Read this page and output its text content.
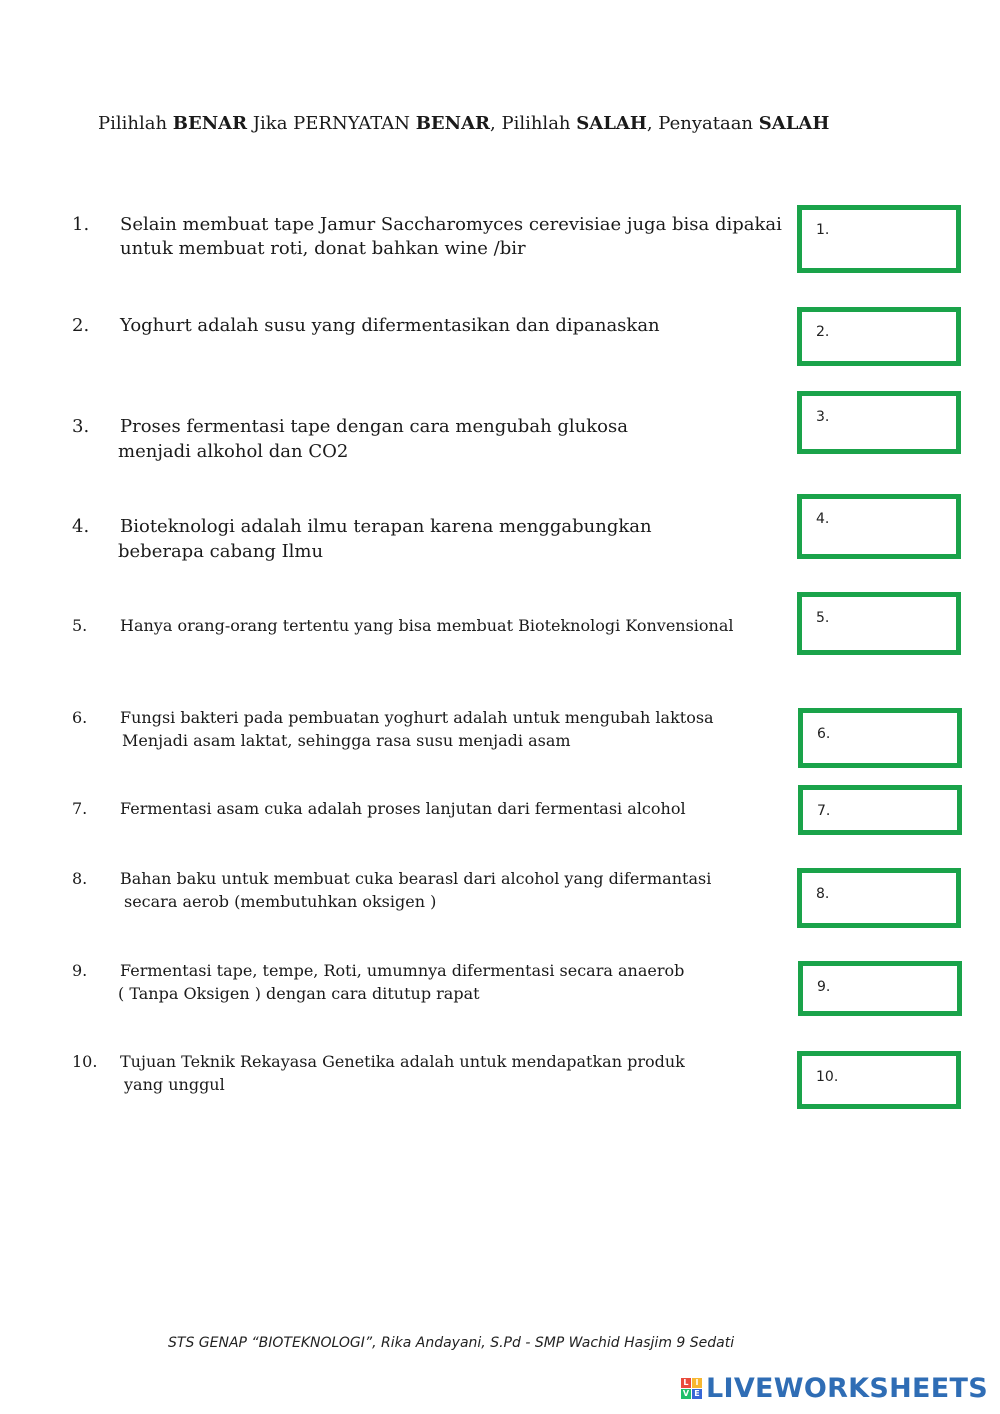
Pilihlah BENAR Jika PERNYATAN BENAR, Pilihlah SALAH, Penyataan SALAH
1.	Selain membuat tape Jamur Saccharomyces cerevisiae juga bisa dipakai
untuk membuat roti, donat bahkan wine /bir
2.	Yoghurt adalah susu yang difermentasikan dan dipanaskan
3.	Proses fermentasi tape dengan cara mengubah glukosa
menjadi alkohol dan CO2
4.	Bioteknologi adalah ilmu terapan karena menggabungkan
beberapa cabang Ilmu
5.	Hanya orang-orang tertentu yang bisa membuat Bioteknologi Konvensional
6.	Fungsi bakteri pada pembuatan yoghurt adalah untuk mengubah laktosa
Menjadi asam laktat, sehingga rasa susu menjadi asam
7.	Fermentasi asam cuka adalah proses lanjutan dari fermentasi alcohol
8.	Bahan baku untuk membuat cuka bearasl dari alcohol yang difermantasi
secara aerob (membutuhkan oksigen )
9.	Fermentasi tape, tempe, Roti, umumnya difermentasi secara anaerob
( Tanpa Oksigen ) dengan cara ditutup rapat
10.	Tujuan Teknik Rekayasa Genetika adalah untuk mendapatkan produk
yang unggul
1.
2.
3.
4.
5.
6.
7.
8.
9.
10.
STS GENAP “BIOTEKNOLOGI”, Rika Andayani, S.Pd - SMP Wachid Hasjim 9 Sedati
L I
V E LIVEWORKSHEETS
